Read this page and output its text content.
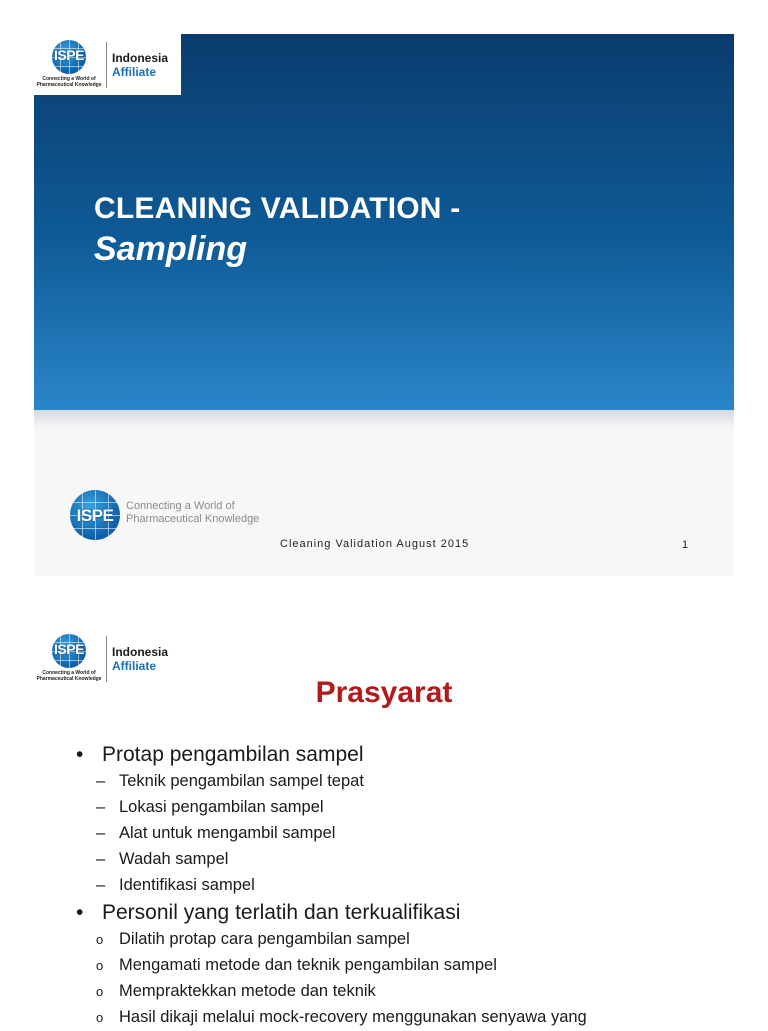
ISPE
Connecting a World of Pharmaceutical Knowledge
Indonesia
Affiliate
CLEANING VALIDATION -
Sampling
ISPE	Connecting a World of
Pharmaceutical Knowledge
Cleaning Validation August 2015	1
ISPE
Connecting a World of Pharmaceutical Knowledge
Indonesia
Affiliate
Prasyarat
• Protap pengambilan sampel
– Teknik pengambilan sampel tepat
– Lokasi pengambilan sampel
– Alat untuk mengambil sampel
– Wadah sampel
– Identifikasi sampel
• Personil yang terlatih dan terkualifikasi
o Dilatih protap cara pengambilan sampel
o Mengamati metode dan teknik pengambilan sampel
o Mempraktekkan metode dan teknik
o Hasil dikaji melalui mock-recovery menggunakan senyawa yang
